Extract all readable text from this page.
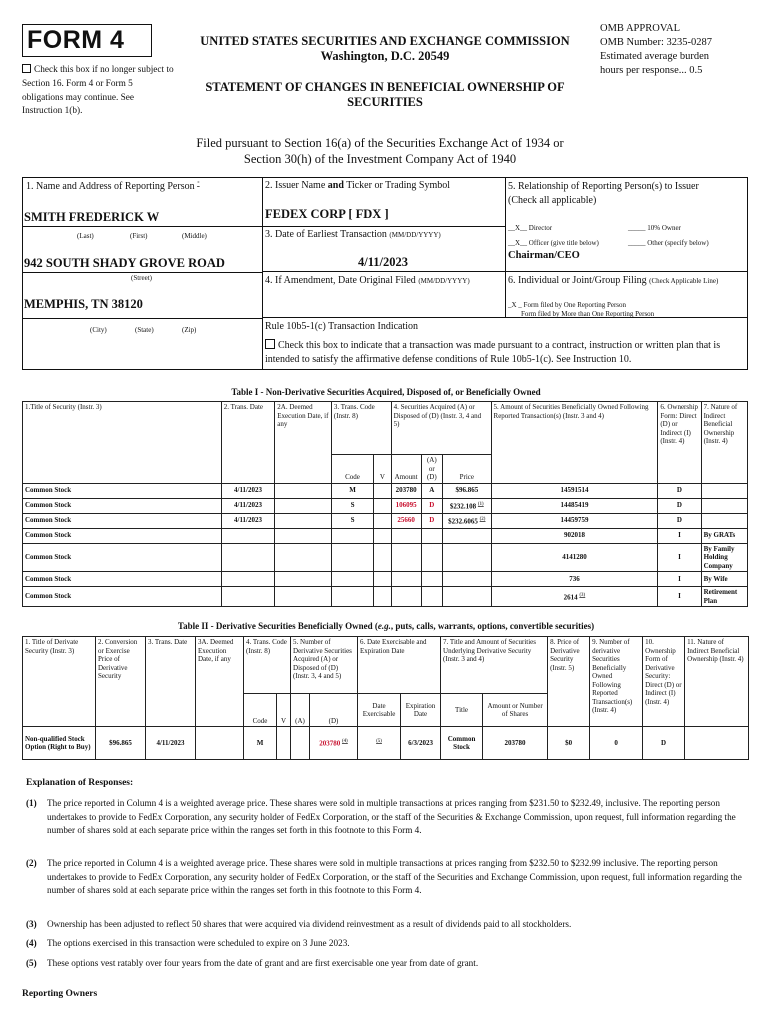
FORM 4
Check this box if no longer subject to Section 16. Form 4 or Form 5 obligations may continue. See Instruction 1(b).
UNITED STATES SECURITIES AND EXCHANGE COMMISSION
Washington, D.C. 20549
STATEMENT OF CHANGES IN BENEFICIAL OWNERSHIP OF
SECURITIES
OMB APPROVAL
OMB Number: 3235-0287
Estimated average burden
hours per response... 0.5
Filed pursuant to Section 16(a) of the Securities Exchange Act of 1934 or
Section 30(h) of the Investment Company Act of 1940
1. Name and Address of Reporting Person *
SMITH FREDERICK W
(Last)	(First)	(Middle)
942 SOUTH SHADY GROVE ROAD
(Street)
MEMPHIS, TN 38120
(City)	(State)	(Zip)
2. Issuer Name and Ticker or Trading Symbol
FEDEX CORP [ FDX ]
3. Date of Earliest Transaction (MM/DD/YYYY)
4/11/2023
4. If Amendment, Date Original Filed (MM/DD/YYYY)
5. Relationship of Reporting Person(s) to Issuer
(Check all applicable)
__X__ Director	_____ 10% Owner
__X__ Officer (give title below)	_____ Other (specify below)
Chairman/CEO
6. Individual or Joint/Group Filing (Check Applicable Line)
_X _ Form filed by One Reporting Person
Form filed by More than One Reporting Person
Rule 10b5-1(c) Transaction Indication
Check this box to indicate that a transaction was made pursuant to a contract, instruction or written plan that is intended to satisfy the affirmative defense conditions of Rule 10b5-1(c). See Instruction 10.
Table I - Non-Derivative Securities Acquired, Disposed of, or Beneficially Owned
1.Title of Security (Instr. 3)	2. Trans. Date	2A. Deemed Execution Date, if any	3. Trans. Code (Instr. 8)		4. Securities Acquired (A) or Disposed of (D) (Instr. 3, 4 and 5)			5. Amount of Securities Beneficially Owned Following Reported Transaction(s) (Instr. 3 and 4)	6. Ownership Form: Direct (D) or Indirect (I) (Instr. 4)	7. Nature of Indirect Beneficial Ownership (Instr. 4)
			Code	V	Amount	(A) or (D)	Price			
Common Stock	4/11/2023		M		203780	A	$96.865	14591514	D	
Common Stock	4/11/2023		S		106095	D	$232.108 $^{(1)}$	14485419	D	
Common Stock	4/11/2023		S		25660	D	$232.6065 $^{(2)}$	14459759	D	
Common Stock								902018	I	By GRATs
Common Stock								4141280	I	By Family Holding Company
Common Stock								736	I	By Wife
Common Stock								2614 $^{(3)}$	I	Retirement Plan
Table II - Derivative Securities Beneficially Owned (e.g., puts, calls, warrants, options, convertible securities)
1. Title of Derivate Security (Instr. 3)	2. Conversion or Exercise Price of Derivative Security	3. Trans. Date	3A. Deemed Execution Date, if any	4. Trans. Code (Instr. 8)		5. Number of Derivative Securities Acquired (A) or Disposed of (D) (Instr. 3, 4 and 5)		6. Date Exercisable and Expiration Date		7. Title and Amount of Securities Underlying Derivative Security (Instr. 3 and 4)		8. Price of Derivative Security (Instr. 5)	9. Number of derivative Securities Beneficially Owned Following Reported Transaction(s) (Instr. 4)	10. Ownership Form of Derivative Security: Direct (D) or Indirect (I) (Instr. 4)	11. Nature of Indirect Beneficial Ownership (Instr. 4)
				Code	V	(A)	(D)	Date Exercisable	Expiration Date	Title	Amount or Number of Shares				
Non-qualified Stock Option (Right to Buy)	$96.865	4/11/2023		M			203780 $^{(4)}$	$^{(5)}$	6/3/2023	Common Stock	203780	$0	0	D	
Explanation of Responses:
(1) The price reported in Column 4 is a weighted average price. These shares were sold in multiple transactions at prices ranging from $231.50 to $232.49, inclusive. The reporting person undertakes to provide to FedEx Corporation, any security holder of FedEx Corporation, or the staff of the Securities & Exchange Commission, upon request, full information regarding the number of shares sold at each separate price within the ranges set forth in this footnote to this Form 4.
(2) The price reported in Column 4 is a weighted average price. These shares were sold in multiple transactions at prices ranging from $232.50 to $232.99 inclusive. The reporting person undertakes to provide to FedEx Corporation, any security holder of FedEx Corporation, or the staff of the Securities and Exchange Commission, upon request, full information regarding the number of shares sold at each separate price within the ranges set forth in this footnote to this Form 4.
(3) Ownership has been adjusted to reflect 50 shares that were acquired via dividend reinvestment as a result of dividends paid to all stockholders.
(4) The options exercised in this transaction were scheduled to expire on 3 June 2023.
(5) These options vest ratably over four years from the date of grant and are first exercisable one year from date of grant.
Reporting Owners
